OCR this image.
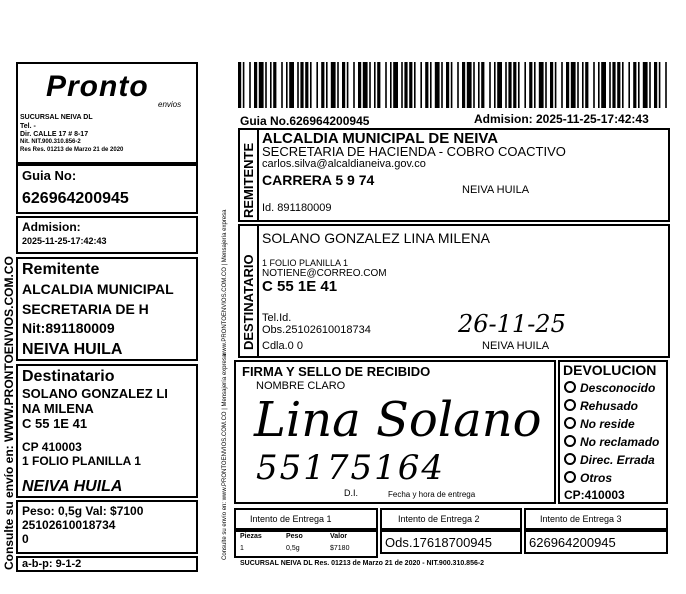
Consulte su envío en: WWW.PRONTOENVIOS.COM.CO
Pronto
envios
SUCURSAL NEIVA DL
Tel. -
Dir. CALLE 17 # 8-17
Nit. NIT.900.310.856-2
Res Res. 01213 de Marzo 21 de 2020
Guia No:
626964200945
Admision:
2025-11-25-17:42:43
Remitente
ALCALDIA MUNICIPAL
SECRETARIA DE H
Nit:891180009
NEIVA HUILA
Destinatario
SOLANO GONZALEZ LI
NA MILENA
C 55 1E 41
CP 410003
1 FOLIO PLANILLA 1
NEIVA HUILA
Peso: 0,5g Val: $7100
25102610018734
0
a-b-p: 9-1-2
Guia No.626964200945	Admision: 2025-11-25-17:42:43
REMITENTE
ALCALDIA MUNICIPAL DE NEIVA
SECRETARIA DE HACIENDA - COBRO COACTIVO
carlos.silva@alcaldianeiva.gov.co
CARRERA 5 9 74
NEIVA HUILA
Id. 891180009
DESTINATARIO
SOLANO GONZALEZ LINA MILENA
1 FOLIO PLANILLA 1
NOTIENE@CORREO.COM
C 55 1E 41
Tel.Id.
Obs.25102610018734
Cdla.0 0	NEIVA HUILA
26-11-25
www.PRONTOENVIOS.COM.CO | Mensajería expresa
Consulte su envío en: www.PRONTOENVIOS.COM.CO | Mensajería expresa FIRMA Y SELLO DE RECIBIDO
NOMBRE CLARO
Lina Solano
55175164
D.I.	Fecha y hora de entrega
DEVOLUCION
Desconocido
Rehusado
No reside
No reclamado
Direc. Errada
Otros
CP:410003
Intento de Entrega 1	Intento de Entrega 2	Intento de Entrega 3
Piezas	Peso	Valor
1	0,5g	$7180	Ods.17618700945	626964200945
SUCURSAL NEIVA DL Res. 01213 de Marzo 21 de 2020 - NIT.900.310.856-2
